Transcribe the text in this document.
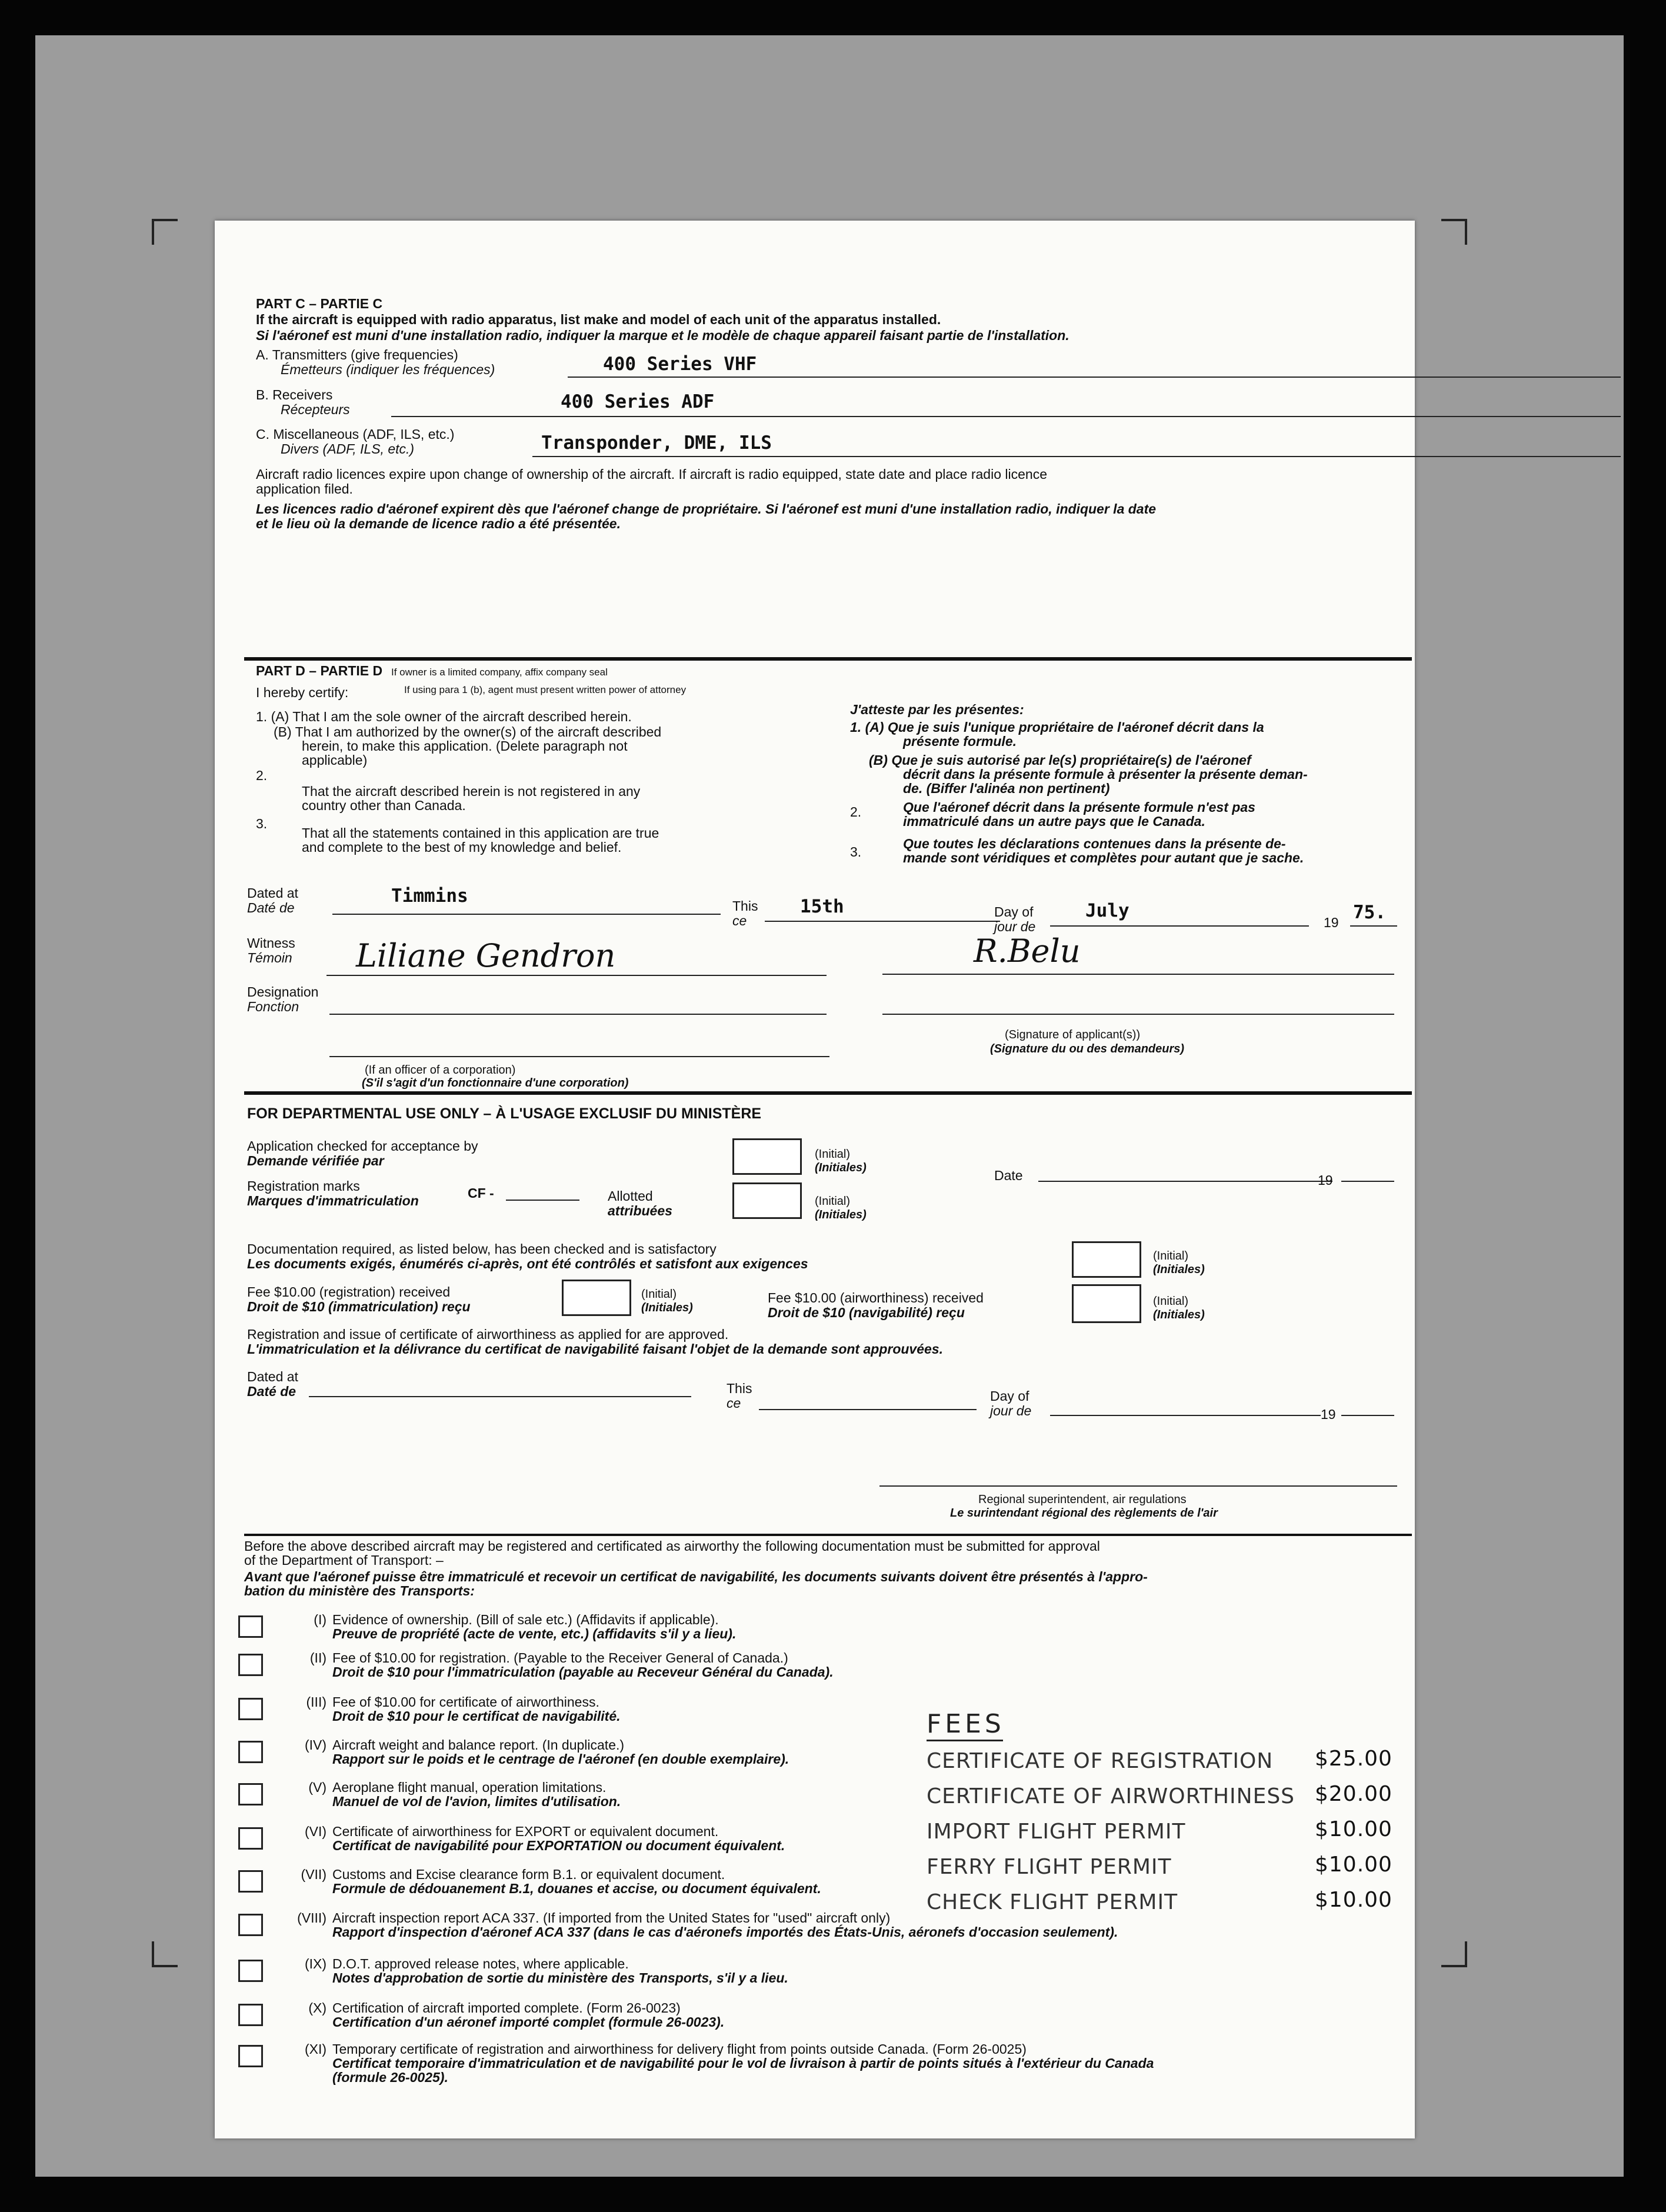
PART C – PARTIE C
If the aircraft is equipped with radio apparatus, list make and model of each unit of the apparatus installed.
Si l'aéronef est muni d'une installation radio, indiquer la marque et le modèle de chaque appareil faisant partie de l'installation.
A. Transmitters (give frequencies)
Émetteurs (indiquer les fréquences)	400 Series VHF
B. Receivers
Récepteurs	400 Series ADF
C. Miscellaneous (ADF, ILS, etc.)
Divers (ADF, ILS, etc.)	Transponder, DME, ILS
Aircraft radio licences expire upon change of ownership of the aircraft. If aircraft is radio equipped, state date and place radio licence
application filed.
Les licences radio d'aéronef expirent dès que l'aéronef change de propriétaire. Si l'aéronef est muni d'une installation radio, indiquer la date
et le lieu où la demande de licence radio a été présentée.
PART D – PARTIE D If owner is a limited company, affix company seal
If using para 1 (b), agent must present written power of attorney
I hereby certify:
J'atteste par les présentes:
1. (A) That I am the sole owner of the aircraft described herein.
(B) That I am authorized by the owner(s) of the aircraft described
herein, to make this application. (Delete paragraph not
applicable)
2.
That the aircraft described herein is not registered in any
country other than Canada.
3.
That all the statements contained in this application are true
and complete to the best of my knowledge and belief.
1. (A) Que je suis l'unique propriétaire de l'aéronef décrit dans la
présente formule.
(B) Que je suis autorisé par le(s) propriétaire(s) de l'aéronef
décrit dans la présente formule à présenter la présente deman-
de. (Biffer l'alinéa non pertinent)
2.	Que l'aéronef décrit dans la présente formule n'est pas
immatriculé dans un autre pays que le Canada.
3.
Que toutes les déclarations contenues dans la présente de-
mande sont véridiques et complètes pour autant que je sache.
Dated at
Daté de
Timmins	This
ce
15th	Day of
jour de
July
19 75.
Witness
Témoin Liliane Gendron	R.Belu
Designation
Fonction
(Signature of applicant(s))
(Signature du ou des demandeurs)
(If an officer of a corporation)
(S'il s'agit d'un fonctionnaire d'une corporation)
FOR DEPARTMENTAL USE ONLY – À L'USAGE EXCLUSIF DU MINISTÈRE
Application checked for acceptance by
Demande vérifiée par	(Initial)
(Initiales)	Date	19
Registration marks
Marques d'immatriculation	CF -	Allotted
attribuées
(Initial)
(Initiales)
Documentation required, as listed below, has been checked and is satisfactory
Les documents exigés, énumérés ci-après, ont été contrôlés et satisfont aux exigences	(Initial)
(Initiales)
Fee $10.00 (registration) received
Droit de $10 (immatriculation) reçu
(Initial)
(Initiales)
Fee $10.00 (airworthiness) received
Droit de $10 (navigabilité) reçu
(Initial)
(Initiales)
Registration and issue of certificate of airworthiness as applied for are approved.
L'immatriculation et la délivrance du certificat de navigabilité faisant l'objet de la demande sont approuvées.
Dated at
Daté de	This
ce	Day of
jour de	19
Regional superintendent, air regulations
Le surintendant régional des règlements de l'air
Before the above described aircraft may be registered and certificated as airworthy the following documentation must be submitted for approval
of the Department of Transport: –
Avant que l'aéronef puisse être immatriculé et recevoir un certificat de navigabilité, les documents suivants doivent être présentés à l'appro-
bation du ministère des Transports:
(I) Evidence of ownership. (Bill of sale etc.) (Affidavits if applicable).
Preuve de propriété (acte de vente, etc.) (affidavits s'il y a lieu).
(II) Fee of $10.00 for registration. (Payable to the Receiver General of Canada.)
Droit de $10 pour l'immatriculation (payable au Receveur Général du Canada).
(III) Fee of $10.00 for certificate of airworthiness.
Droit de $10 pour le certificat de navigabilité.
(IV) Aircraft weight and balance report. (In duplicate.)
Rapport sur le poids et le centrage de l'aéronef (en double exemplaire).
(V) Aeroplane flight manual, operation limitations.
Manuel de vol de l'avion, limites d'utilisation.
(VI) Certificate of airworthiness for EXPORT or equivalent document.
Certificat de navigabilité pour EXPORTATION ou document équivalent.
(VII) Customs and Excise clearance form B.1. or equivalent document.
Formule de dédouanement B.1, douanes et accise, ou document équivalent.
(VIII) Aircraft inspection report ACA 337. (If imported from the United States for "used" aircraft only)
Rapport d'inspection d'aéronef ACA 337 (dans le cas d'aéronefs importés des États-Unis, aéronefs d'occasion seulement).
(IX) D.O.T. approved release notes, where applicable.
Notes d'approbation de sortie du ministère des Transports, s'il y a lieu.
(X) Certification of aircraft imported complete. (Form 26-0023)
Certification d'un aéronef importé complet (formule 26-0023).
(XI) Temporary certificate of registration and airworthiness for delivery flight from points outside Canada. (Form 26-0025)
Certificat temporaire d'immatriculation et de navigabilité pour le vol de livraison à partir de points situés à l'extérieur du Canada
(formule 26-0025).
FEES
CERTIFICATE OF REGISTRATION $25.00
CERTIFICATE OF AIRWORTHINESS $20.00
IMPORT FLIGHT PERMIT	$10.00
FERRY FLIGHT PERMIT	$10.00
CHECK FLIGHT PERMIT	$10.00
